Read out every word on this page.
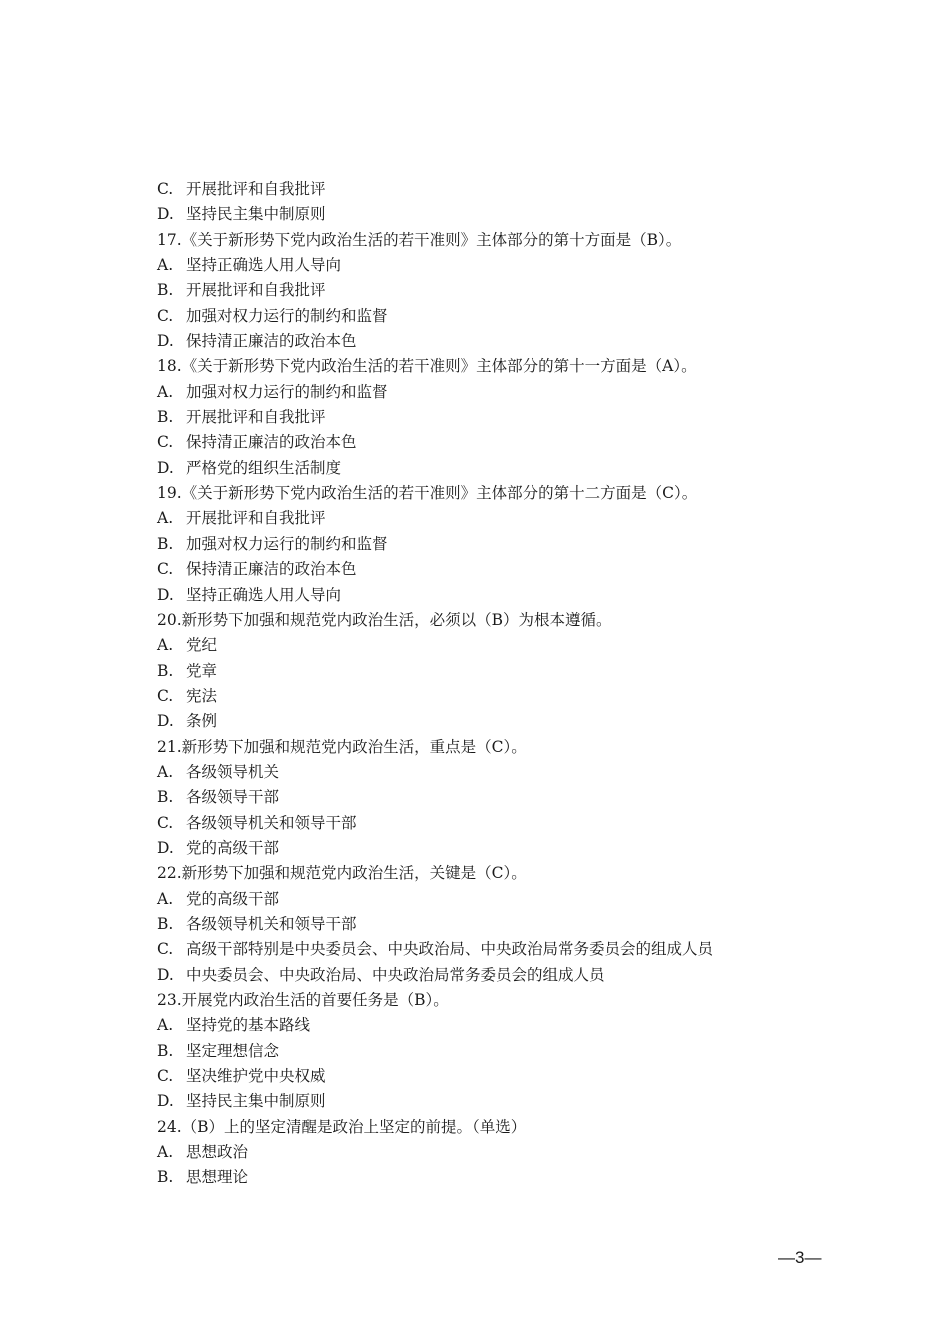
C. 开展批评和自我批评
D. 坚持民主集中制原则
17.《关于新形势下党内政治生活的若干准则》主体部分的第十方面是（B）。
A. 坚持正确选人用人导向
B. 开展批评和自我批评
C. 加强对权力运行的制约和监督
D. 保持清正廉洁的政治本色
18.《关于新形势下党内政治生活的若干准则》主体部分的第十一方面是（A）。
A. 加强对权力运行的制约和监督
B. 开展批评和自我批评
C. 保持清正廉洁的政治本色
D. 严格党的组织生活制度
19.《关于新形势下党内政治生活的若干准则》主体部分的第十二方面是（C）。
A. 开展批评和自我批评
B. 加强对权力运行的制约和监督
C. 保持清正廉洁的政治本色
D. 坚持正确选人用人导向
20.新形势下加强和规范党内政治生活，必须以（B）为根本遵循。
A. 党纪
B. 党章
C. 宪法
D. 条例
21.新形势下加强和规范党内政治生活，重点是（C）。
A. 各级领导机关
B. 各级领导干部
C. 各级领导机关和领导干部
D. 党的高级干部
22.新形势下加强和规范党内政治生活，关键是（C）。
A. 党的高级干部
B. 各级领导机关和领导干部
C. 高级干部特别是中央委员会、中央政治局、中央政治局常务委员会的组成人员
D. 中央委员会、中央政治局、中央政治局常务委员会的组成人员
23.开展党内政治生活的首要任务是（B）。
A. 坚持党的基本路线
B. 坚定理想信念
C. 坚决维护党中央权威
D. 坚持民主集中制原则
24.（B）上的坚定清醒是政治上坚定的前提。（单选）
A. 思想政治
B. 思想理论
—3—
